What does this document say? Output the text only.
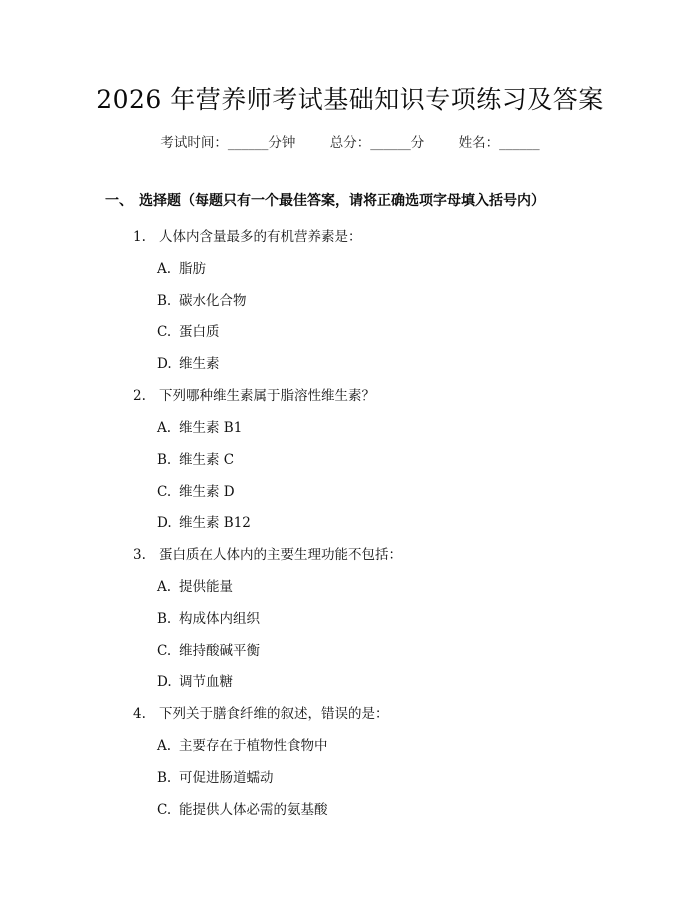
2026 年营养师考试基础知识专项练习及答案
考试时间：______分钟	总分：______分	姓名：______
一、 选择题（每题只有一个最佳答案，请将正确选项字母填入括号内）
1. 人体内含量最多的有机营养素是：
A. 脂肪
B. 碳水化合物
C. 蛋白质
D. 维生素
2. 下列哪种维生素属于脂溶性维生素？
A. 维生素 B1
B. 维生素 C
C. 维生素 D
D. 维生素 B12
3. 蛋白质在人体内的主要生理功能不包括：
A. 提供能量
B. 构成体内组织
C. 维持酸碱平衡
D. 调节血糖
4. 下列关于膳食纤维的叙述，错误的是：
A. 主要存在于植物性食物中
B. 可促进肠道蠕动
C. 能提供人体必需的氨基酸
